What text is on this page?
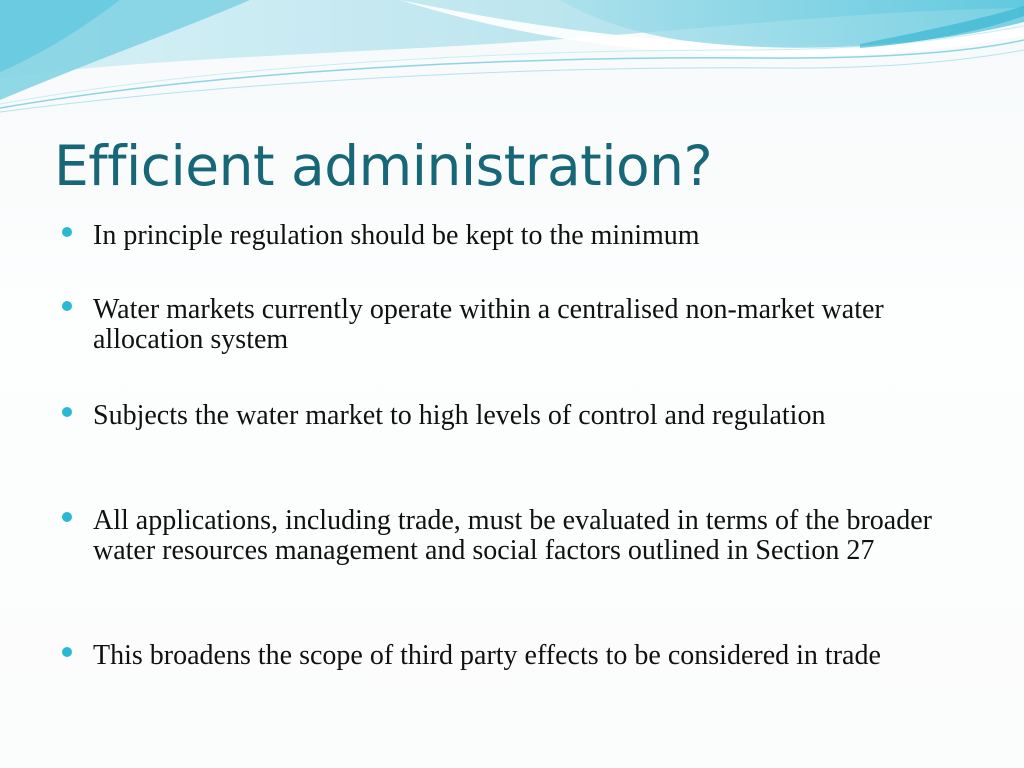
Efficient administration?
In principle regulation should be kept to the minimum
Water markets currently operate within a centralised non-market water allocation system
Subjects the water market to high levels of control and regulation
All applications, including trade, must be evaluated in terms of the broader water resources management and social factors outlined in Section 27
This broadens the scope of third party effects to be considered in trade
